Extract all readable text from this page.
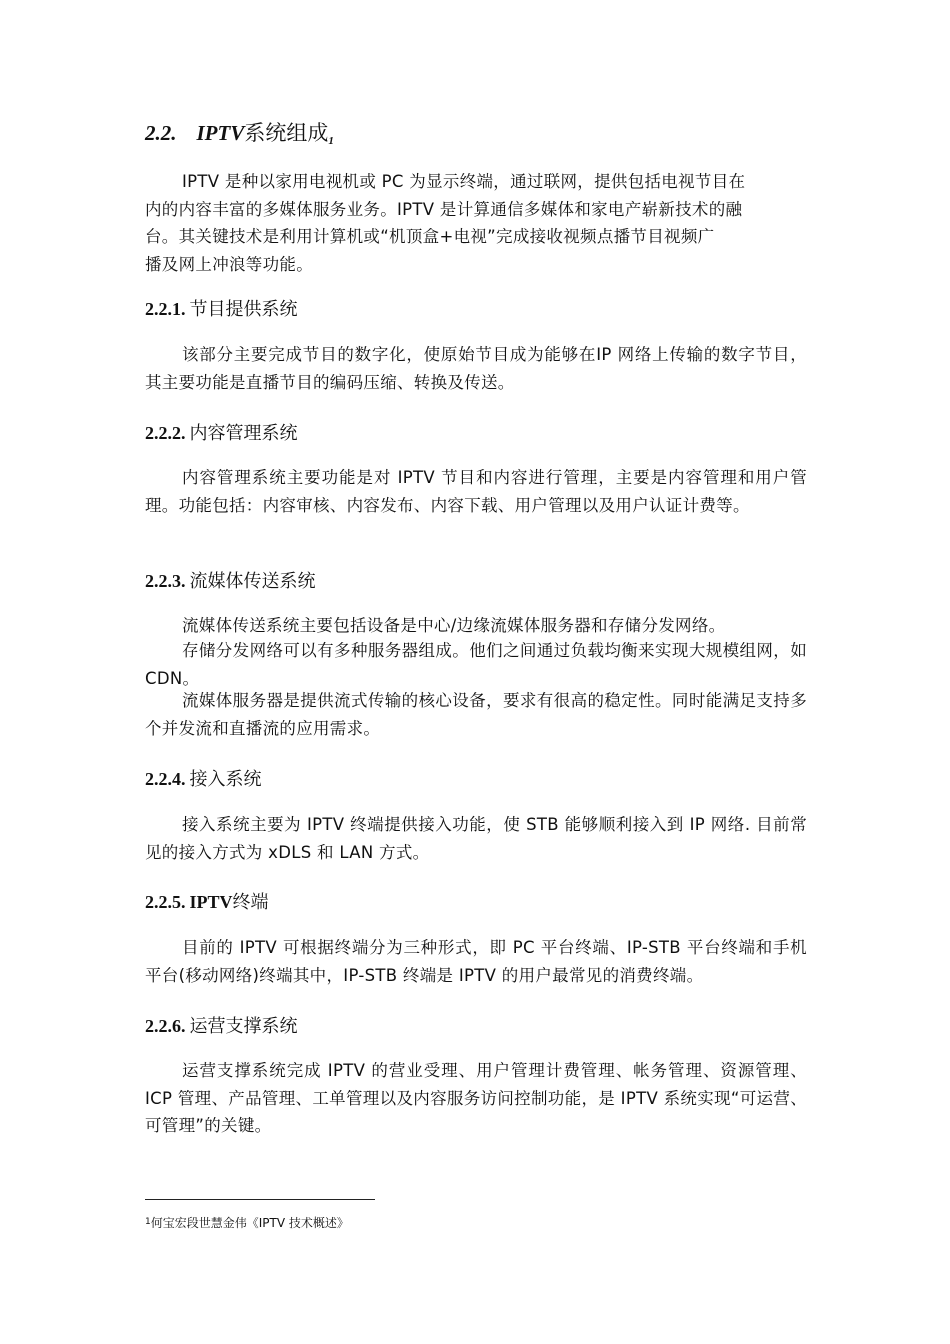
2.2. IPTV系统组成1
IPTV 是种以家用电视机或 PC 为显示终端，通过联网，提供包括电视节目在
内的内容丰富的多媒体服务业务。IPTV 是计算通信多媒体和家电产崭新技术的融
台。其关键技术是利用计算机或“机顶盒+电视”完成接收视频点播节目视频广
播及网上冲浪等功能。
2.2.1. 节目提供系统
该部分主要完成节目的数字化，使原始节目成为能够在IP 网络上传输的数字节目，其主要功能是直播节目的编码压缩、转换及传送。
2.2.2. 内容管理系统
内容管理系统主要功能是对 IPTV 节目和内容进行管理，主要是内容管理和用户管理。功能包括：内容审核、内容发布、内容下载、用户管理以及用户认证计费等。
2.2.3. 流媒体传送系统
流媒体传送系统主要包括设备是中心/边缘流媒体服务器和存储分发网络。
存储分发网络可以有多种服务器组成。他们之间通过负载均衡来实现大规模组网，如 CDN。
流媒体服务器是提供流式传输的核心设备，要求有很高的稳定性。同时能满足支持多个并发流和直播流的应用需求。
2.2.4. 接入系统
接入系统主要为 IPTV 终端提供接入功能，使 STB 能够顺利接入到 IP 网络. 目前常见的接入方式为 xDLS 和 LAN 方式。
2.2.5. IPTV终端
目前的 IPTV 可根据终端分为三种形式，即 PC 平台终端、IP-STB 平台终端和手机平台(移动网络)终端其中，IP-STB 终端是 IPTV 的用户最常见的消费终端。
2.2.6. 运营支撑系统
运营支撑系统完成 IPTV 的营业受理、用户管理计费管理、帐务管理、资源管理、ICP 管理、产品管理、工单管理以及内容服务访问控制功能，是 IPTV 系统实现“可运营、可管理”的关键。
$^1$何宝宏段世慧金伟《IPTV 技术概述》
